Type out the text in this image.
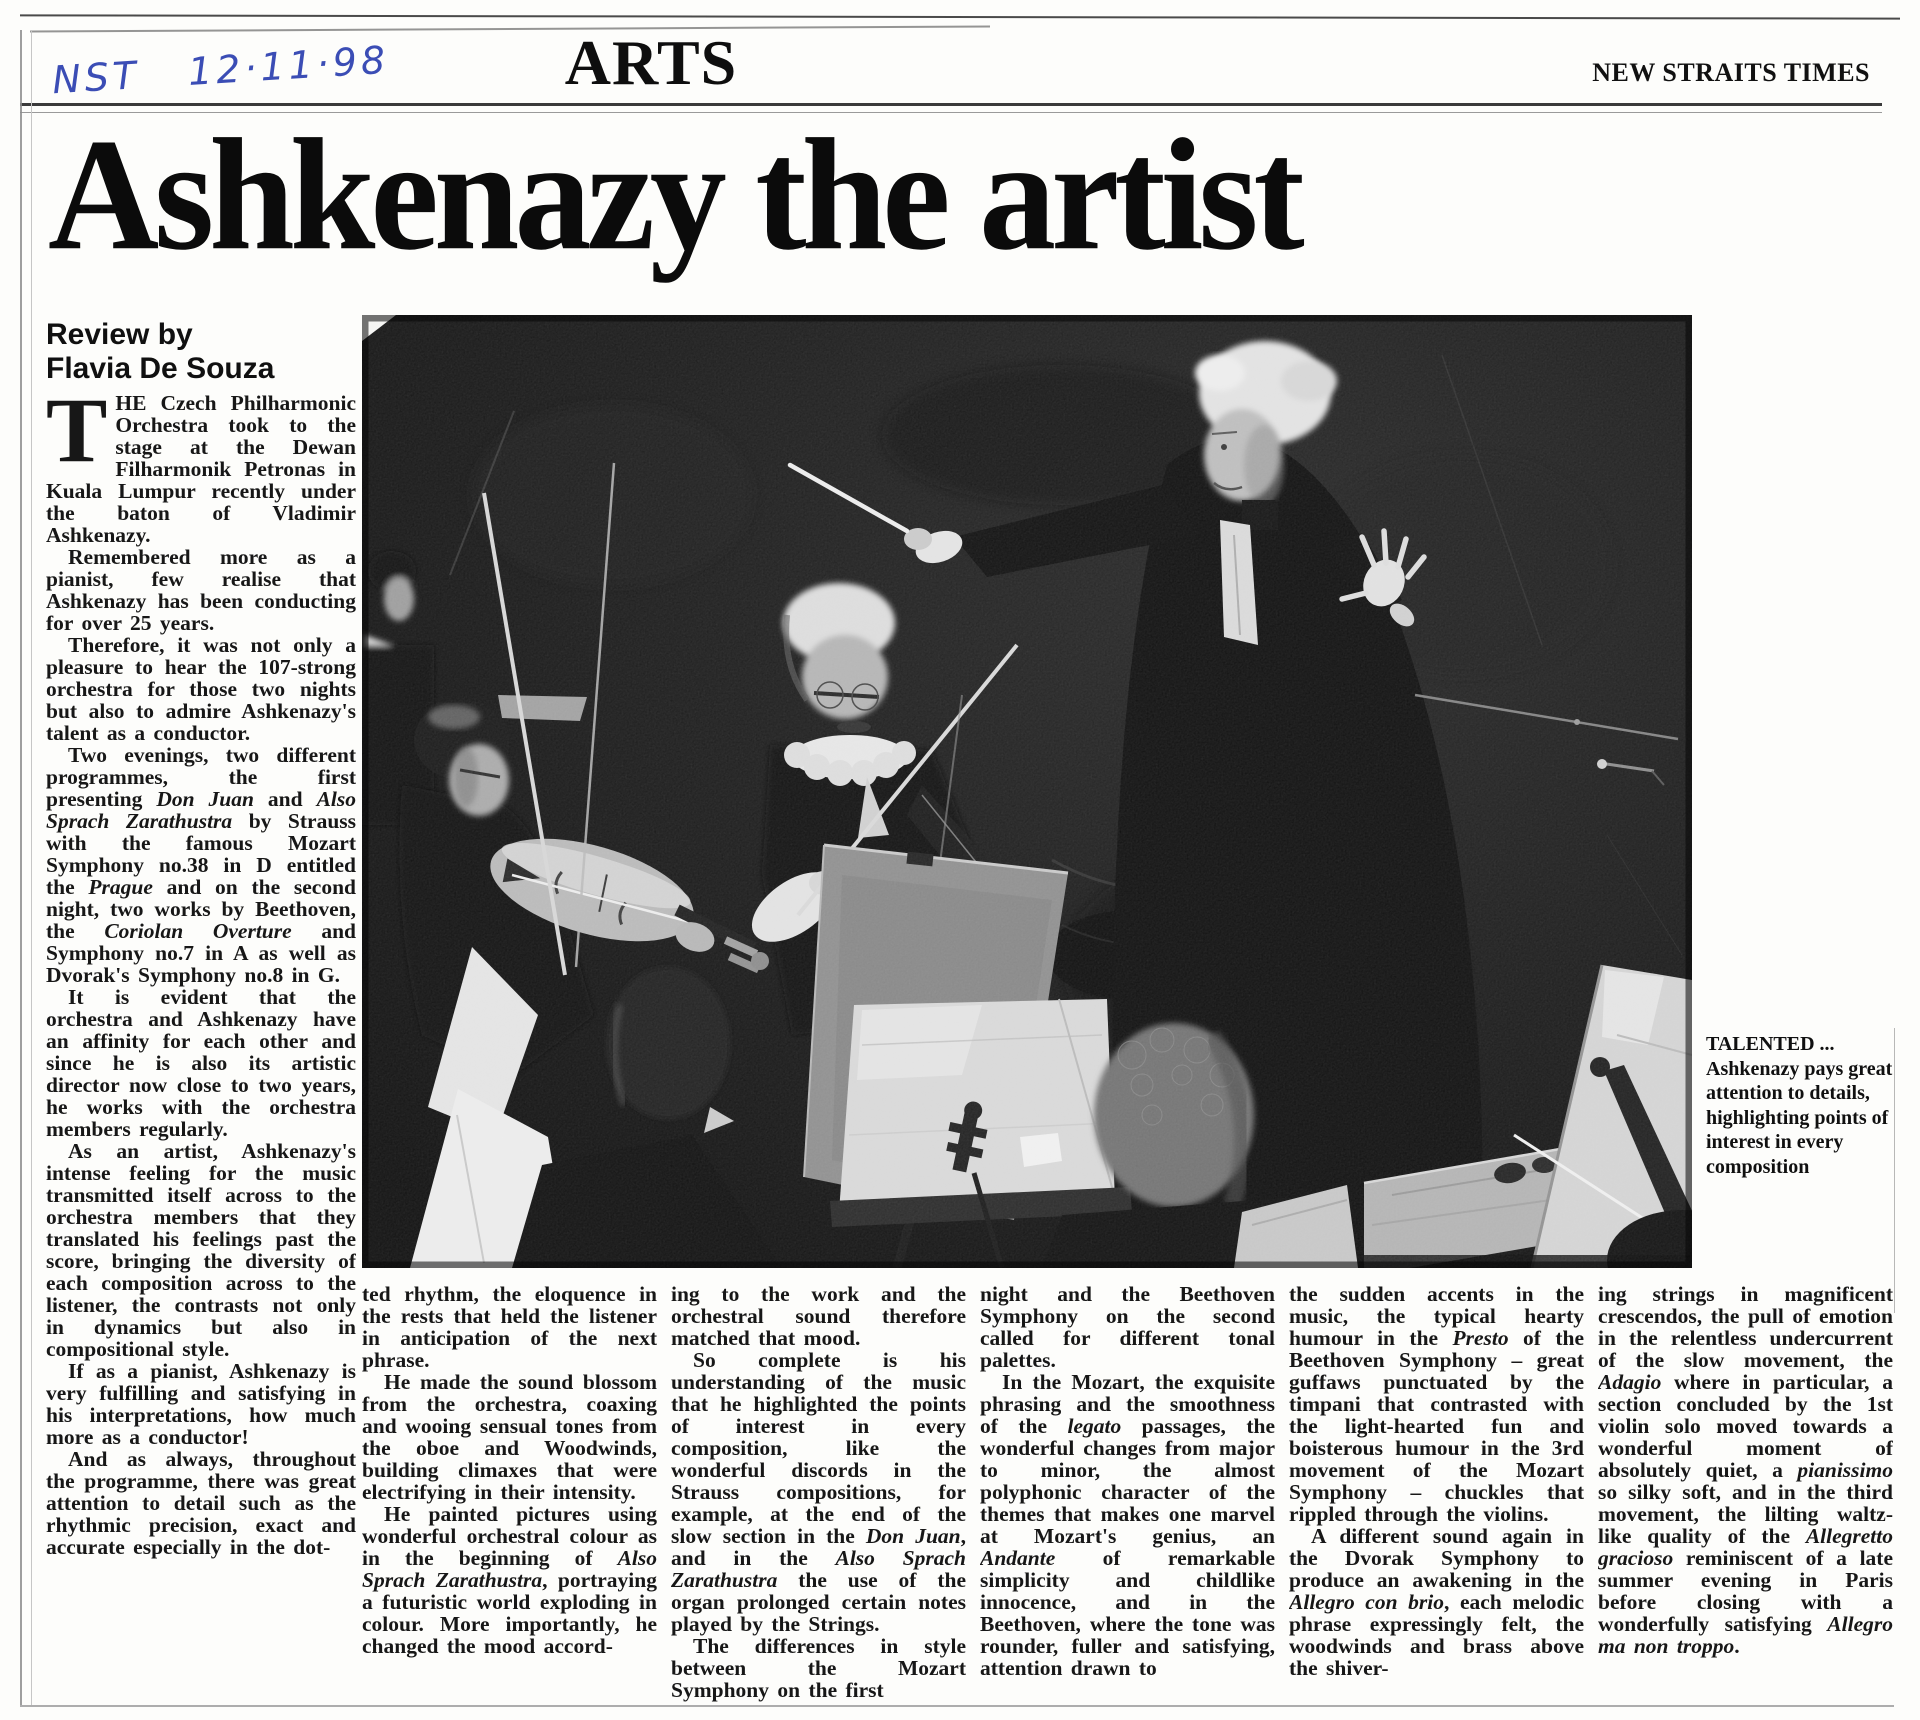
NST   12·11·98	ARTS	NEW STRAITS TIMES
Ashkenazy the artist
Review by
Flavia De Souza

THE Czech Philharmonic Orchestra took to the stage at the Dewan Filharmonik Petronas in Kuala Lumpur recently under the baton of Vladimir Ashkenazy.

Remembered more as a pianist, few realise that Ashkenazy has been conducting for over 25 years.

Therefore, it was not only a pleasure to hear the 107-strong orchestra for those two nights but also to admire Ashkenazy's talent as a conductor.

Two evenings, two different programmes, the first presenting Don Juan and Also Sprach Zarathustra by Strauss with the famous Mozart Symphony no.38 in D entitled the Prague and on the second night, two works by Beethoven, the Coriolan Overture and Symphony no.7 in A as well as Dvorak's Symphony no.8 in G.

It is evident that the orchestra and Ashkenazy have an affinity for each other and since he is also its artistic director now close to two years, he works with the orchestra members regularly.

As an artist, Ashkenazy's intense feeling for the music transmitted itself across to the orchestra members that they translated his feelings past the score, bringing the diversity of each composition across to the listener, the contrasts not only in dynamics but also in compositional style.

If as a pianist, Ashkenazy is very fulfilling and satisfying in his interpretations, how much more as a conductor!

And as always, throughout the programme, there was great attention to detail such as the rhythmic precision, exact and accurate especially in the dot-

TALENTED ... Ashkenazy pays great attention to details, highlighting points of interest in every composition

ted rhythm, the eloquence in the rests that held the listener in anticipation of the next phrase.

He made the sound blossom from the orchestra, coaxing and wooing sensual tones from the oboe and Woodwinds, building climaxes that were electrifying in their intensity.

He painted pictures using wonderful orchestral colour as in the beginning of Also Sprach Zarathustra, portraying a futuristic world exploding in colour. More importantly, he changed the mood accord-

ing to the work and the orchestral sound therefore matched that mood.

So complete is his understanding of the music that he highlighted the points of interest in every composition, like the wonderful discords in the Strauss compositions, for example, at the end of the slow section in the Don Juan, and in the Also Sprach Zarathustra the use of the organ prolonged certain notes played by the Strings.

The differences in style between the Mozart Symphony on the first

night and the Beethoven Symphony on the second called for different tonal palettes.

In the Mozart, the exquisite phrasing and the smoothness of the legato passages, the wonderful changes from major to minor, the almost polyphonic character of the themes that makes one marvel at Mozart's genius, an Andante of remarkable simplicity and childlike innocence, and in the Beethoven, where the tone was rounder, fuller and satisfying, attention drawn to

the sudden accents in the music, the typical hearty humour in the Presto of the Beethoven Symphony – great guffaws punctuated by the timpani that contrasted with the light-hearted fun and boisterous humour in the 3rd movement of the Mozart Symphony – chuckles that rippled through the violins.

A different sound again in the Dvorak Symphony to produce an awakening in the Allegro con brio, each melodic phrase expressingly felt, the woodwinds and brass above the shiver-

ing strings in magnificent crescendos, the pull of emotion in the relentless undercurrent of the slow movement, the Adagio where in particular, a section concluded by the 1st violin solo moved towards a wonderful moment of absolutely quiet, a pianissimo so silky soft, and in the third movement, the lilting waltz-like quality of the Allegretto gracioso reminiscent of a late summer evening in Paris before closing with a wonderfully satisfying Allegro ma non troppo.
